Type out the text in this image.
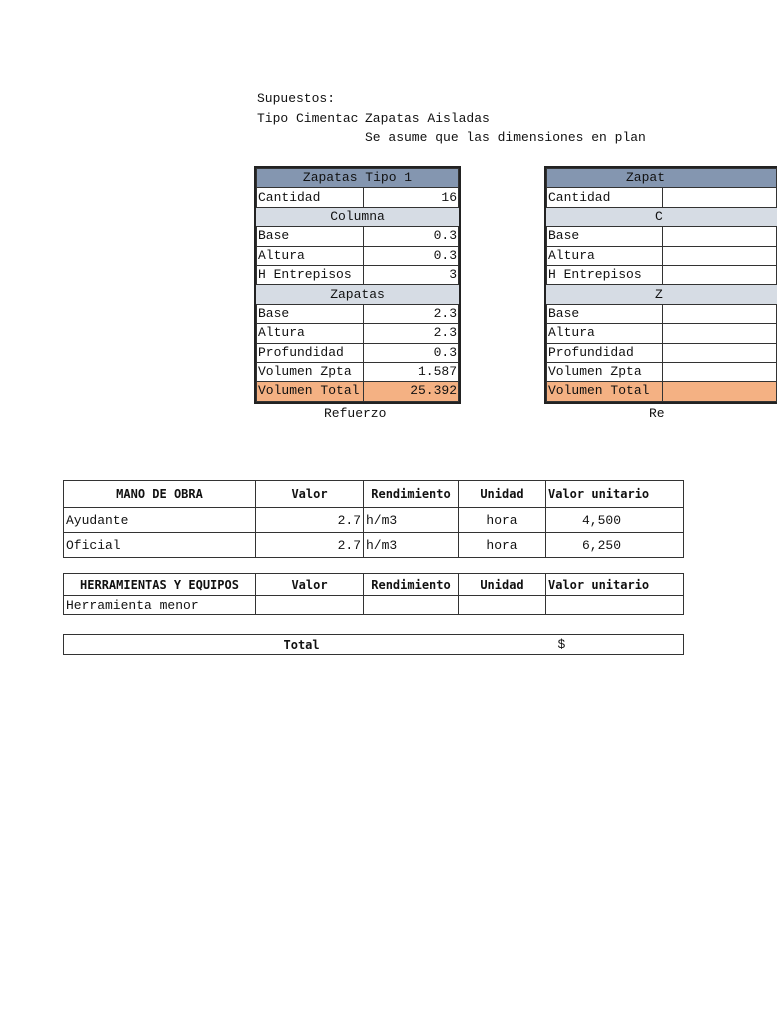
Supuestos:
Tipo Cimentac Zapatas Aisladas
Se asume que las dimensiones en plan
Zapatas Tipo 1	
Cantidad	16
Columna	
Base	0.3
Altura	0.3
H Entrepisos	3
Zapatas	
Base	2.3
Altura	2.3
Profundidad	0.3
Volumen Zpta	1.587
Volumen Total	25.392
Refuerzo
Zapat	
Cantidad	
C	
Base	
Altura	
H Entrepisos	
Z	
Base	
Altura	
Profundidad	
Volumen Zpta	
Volumen Total	
Re
MANO DE OBRA	Valor	Rendimiento	Unidad	Valor unitario
Ayudante	2.7	h/m3	hora	4,500
Oficial	2.7	h/m3	hora	6,250
HERRAMIENTAS Y EQUIPOS	Valor	Rendimiento	Unidad	Valor unitario
Herramienta menor				
	Total			$
